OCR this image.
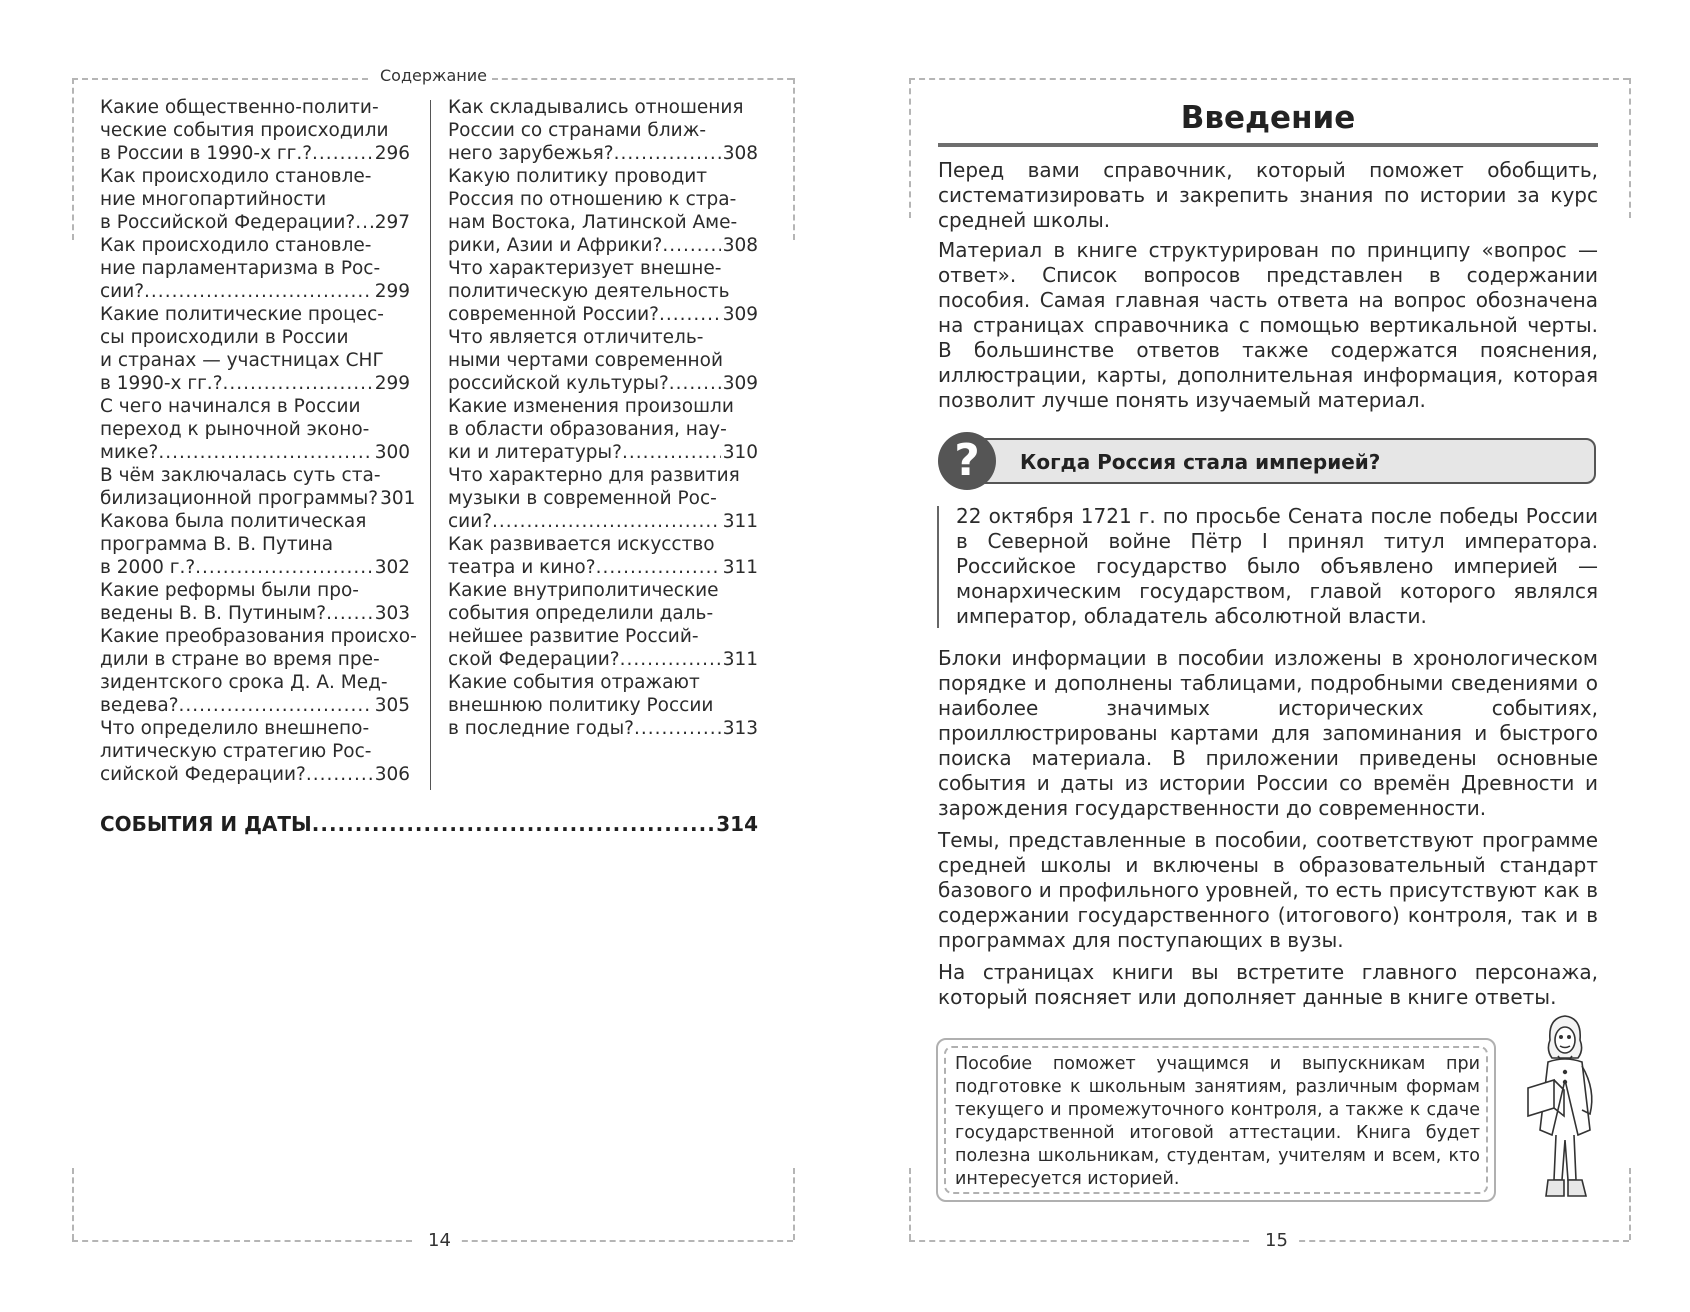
Содержание
Какие общественно-полити-
ческие события происходили
в России в 1990-х гг.? .....	296
Как происходило становле-
ние многопартийности
в Российской Федерации? ..... 297
Как происходило становле-
ние парламентаризма в Рос-
сии? .....	299
Какие политические процес-
сы происходили в России
и странах — участницах СНГ
в 1990-х гг.? .....	299
С чего начинался в России
переход к рыночной эконо-
мике? .....	300
В чём заключалась суть ста-
билизационной программы? 301
Какова была политическая
программа В. В. Путина
в 2000 г.? .....	302
Какие реформы были про-
ведены В. В. Путиным? .....	303
Какие преобразования происхо-
дили в стране во время пре-
зидентского срока Д. А. Мед-
ведева? .....	305
Что определило внешнепо-
литическую стратегию Рос-
сийской Федерации? .....	306
Как складывались отношения
России со странами ближ-
него зарубежья? .....	308
Какую политику проводит
Россия по отношению к стра-
нам Востока, Латинской Аме-
рики, Азии и Африки? .....	308
Что характеризует внешне-
политическую деятельность
современной России? .....	309
Что является отличитель-
ными чертами современной
российской культуры? .....	309
Какие изменения произошли
в области образования, нау-
ки и литературы? .....	310
Что характерно для развития
музыки в современной Рос-
сии? .....	311
Как развивается искусство
театра и кино? .....	311
Какие внутриполитические
события определили даль-
нейшее развитие Россий-
ской Федерации? .....	311
Какие события отражают
внешнюю политику России
в последние годы? .....	313
СОБЫТИЯ И ДАТЫ .....	314
14
Введение

Перед вами справочник, который поможет обобщить, систематизировать и закрепить знания по истории за курс средней школы.

Материал в книге структурирован по принципу «вопрос — ответ». Список вопросов представлен в содержании пособия. Самая главная часть ответа на вопрос обозначена на страницах справочника с помощью вертикальной черты. В большинстве ответов также содержатся пояснения, иллюстрации, карты, дополнительная информация, которая позволит лучше понять изучаемый материал.

?	Когда Россия стала империей?

22 октября 1721 г. по просьбе Сената после победы России в Северной войне Пётр I принял титул императора. Российское государство было объявлено империей — монархическим государством, главой которого являлся император, обладатель абсолютной власти.

Блоки информации в пособии изложены в хронологическом порядке и дополнены таблицами, подробными сведениями о наиболее значимых исторических событиях, проиллюстрированы картами для запоминания и быстрого поиска материала. В приложении приведены основные события и даты из истории России со времён Древности и зарождения государственности до современности.

Темы, представленные в пособии, соответствуют программе средней школы и включены в образовательный стандарт базового и профильного уровней, то есть присутствуют как в содержании государственного (итогового) контроля, так и в программах для поступающих в вузы.

На страницах книги вы встретите главного персонажа, который поясняет или дополняет данные в книге ответы.

Пособие поможет учащимся и выпускникам при подготовке к школьным занятиям, различным формам текущего и промежуточного контроля, а также к сдаче государственной итоговой аттестации. Книга будет полезна школьникам, студентам, учителям и всем, кто интересуется историей.

15
